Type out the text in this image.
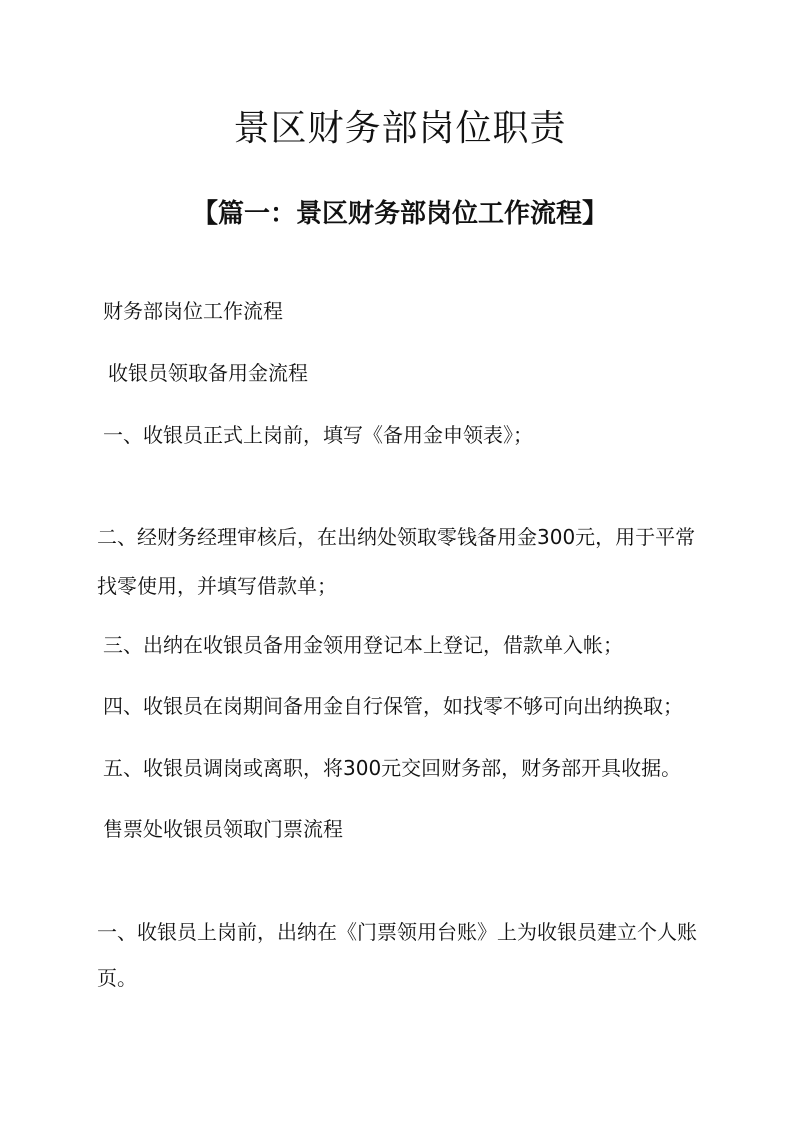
景区财务部岗位职责
【篇一：景区财务部岗位工作流程】

财务部岗位工作流程

收银员领取备用金流程

一、收银员正式上岗前，填写《备用金申领表》；

二、经财务经理审核后，在出纳处领取零钱备用金300元，用于平常

找零使用，并填写借款单；

三、出纳在收银员备用金领用登记本上登记，借款单入帐；

四、收银员在岗期间备用金自行保管，如找零不够可向出纳换取；

五、收银员调岗或离职，将300元交回财务部，财务部开具收据。

售票处收银员领取门票流程

一、收银员上岗前，出纳在《门票领用台账》上为收银员建立个人账

页。
